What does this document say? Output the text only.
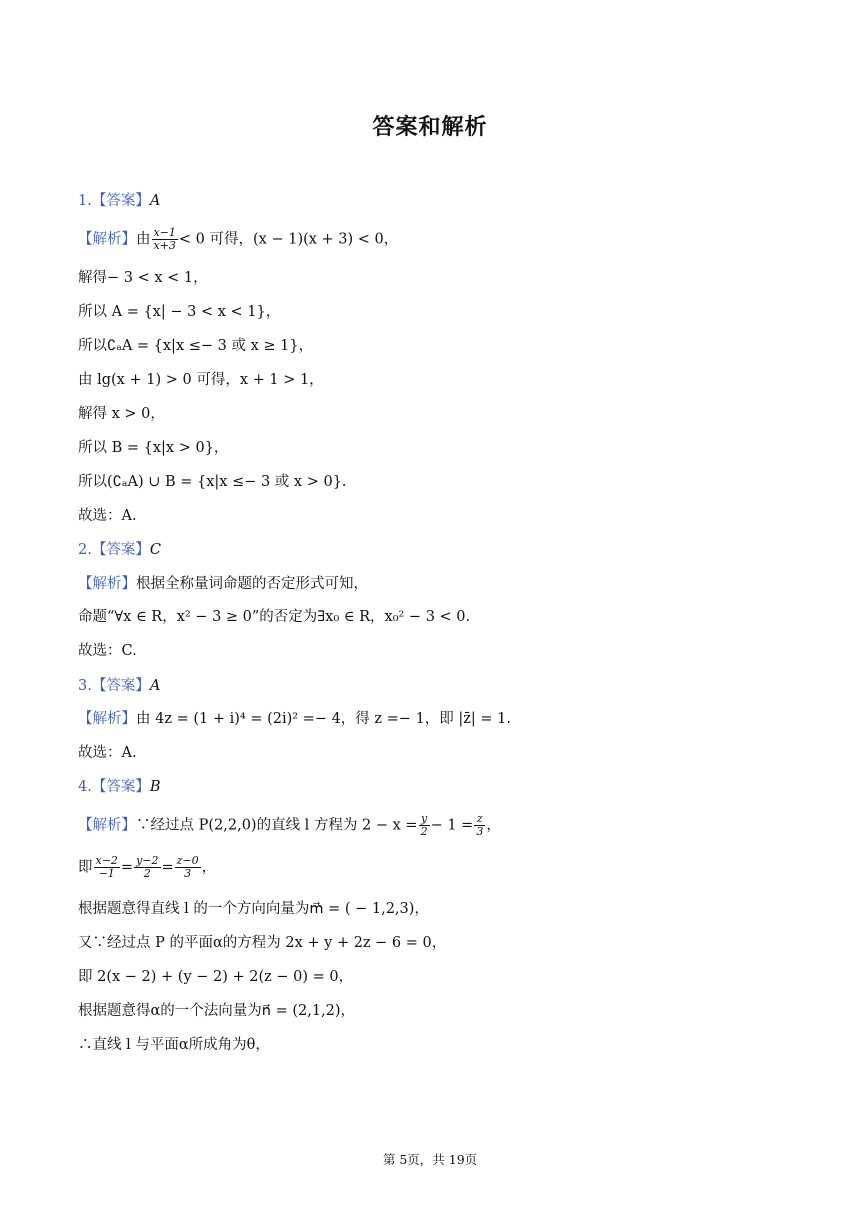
答案和解析
1.【答案】A
【解析】由 $\frac{x-1}{x+3} < 0$ 可得，(x − 1)(x + 3) < 0，
解得− 3 < x < 1，
所以 A = {x| − 3 < x < 1}，
所以∁ₐA = {x|x ≤− 3 或 x ≥ 1}，
由 lg(x + 1) > 0 可得，x + 1 > 1，
解得 x > 0，
所以 B = {x|x > 0}，
所以(∁ₐA) ∪ B = {x|x ≤− 3 或 x > 0}.
故选：A.
2.【答案】C
【解析】根据全称量词命题的否定形式可知，
命题“∀x ∈ R，x² − 3 ≥ 0”的否定为∃x₀ ∈ R，x₀² − 3 < 0.
故选：C.
3.【答案】A
【解析】由 4z = (1 + i)⁴ = (2i)² =− 4，得 z =− 1，即 |z̄| = 1.
故选：A.
4.【答案】B
【解析】∵经过点 P(2,2,0)的直线 l 方程为 $2 - x = \frac{y}{2} - 1 = \frac{z}{3}$ ，
即 $\frac{x-2}{-1} = \frac{y-2}{2} = \frac{z-0}{3}$ ，
根据题意得直线 l 的一个方向向量为m⃗ = ( − 1,2,3)，
又∵经过点 P 的平面α的方程为 2x + y + 2z − 6 = 0，
即 2(x − 2) + (y − 2) + 2(z − 0) = 0，
根据题意得α的一个法向量为n⃗ = (2,1,2)，
∴直线 l 与平面α所成角为θ，
第 5页，共 19页
